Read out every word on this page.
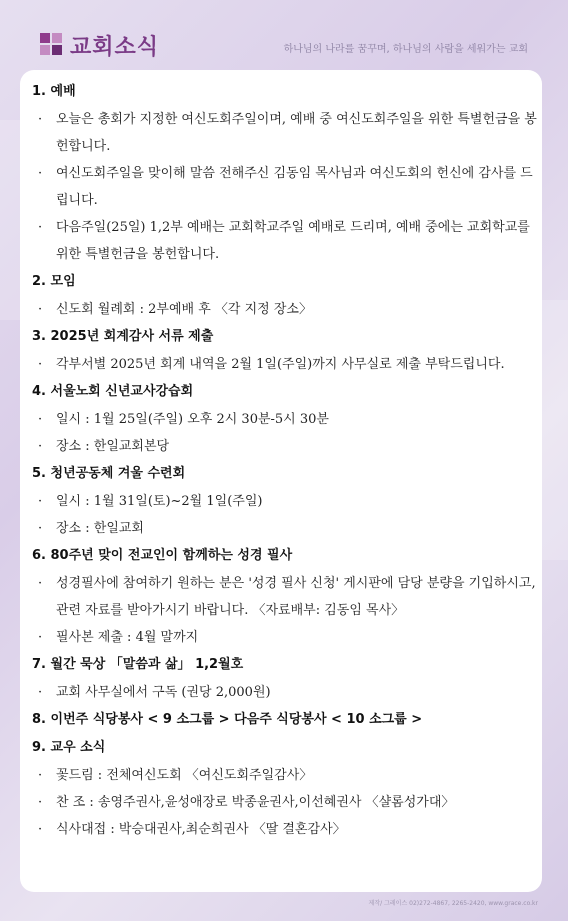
교회소식	하나님의 나라를 꿈꾸며, 하나님의 사람을 세워가는 교회
1. 예배
·	오늘은 총회가 지정한 여신도회주일이며, 예배 중 여신도회주일을 위한 특별헌금을 봉헌합니다.
·	여신도회주일을 맞이해 말씀 전해주신 김동임 목사님과 여신도회의 헌신에 감사를 드립니다.
·	다음주일(25일) 1,2부 예배는 교회학교주일 예배로 드리며, 예배 중에는 교회학교를 위한 특별헌금을 봉헌합니다.
2. 모임
· 신도회 월례회 : 2부예배 후 〈각 지정 장소〉
3. 2025년 회계감사 서류 제출
·	각부서별 2025년 회계 내역을 2월 1일(주일)까지 사무실로 제출 부탁드립니다.
4. 서울노회 신년교사강습회
· 일시 : 1월 25일(주일) 오후 2시 30분-5시 30분
· 장소 : 한일교회본당
5. 청년공동체 겨울 수련회
· 일시 : 1월 31일(토)~2월 1일(주일)
· 장소 : 한일교회
6. 80주년 맞이 전교인이 함께하는 성경 필사
·	성경필사에 참여하기 원하는 분은 '성경 필사 신청' 게시판에 담당 분량을 기입하시고, 관련 자료를 받아가시기 바랍니다. 〈자료배부: 김동임 목사〉
· 필사본 제출 : 4월 말까지
7. 월간 묵상 「말씀과 삶」 1,2월호
· 교회 사무실에서 구독 (권당 2,000원)
8. 이번주 식당봉사 < 9 소그룹 > 다음주 식당봉사 < 10 소그룹 >
9. 교우 소식
· 꽃드림 : 전체여신도회 〈여신도회주일감사〉
· 찬 조 : 송영주권사,윤성애장로 박종윤권사,이선혜권사 〈샬롬성가대〉
· 식사대접 : 박승대권사,최순희권사 〈딸 결혼감사〉
제작/ 그레이스 02)272-4867, 2265-2420, www.grace.co.kr
